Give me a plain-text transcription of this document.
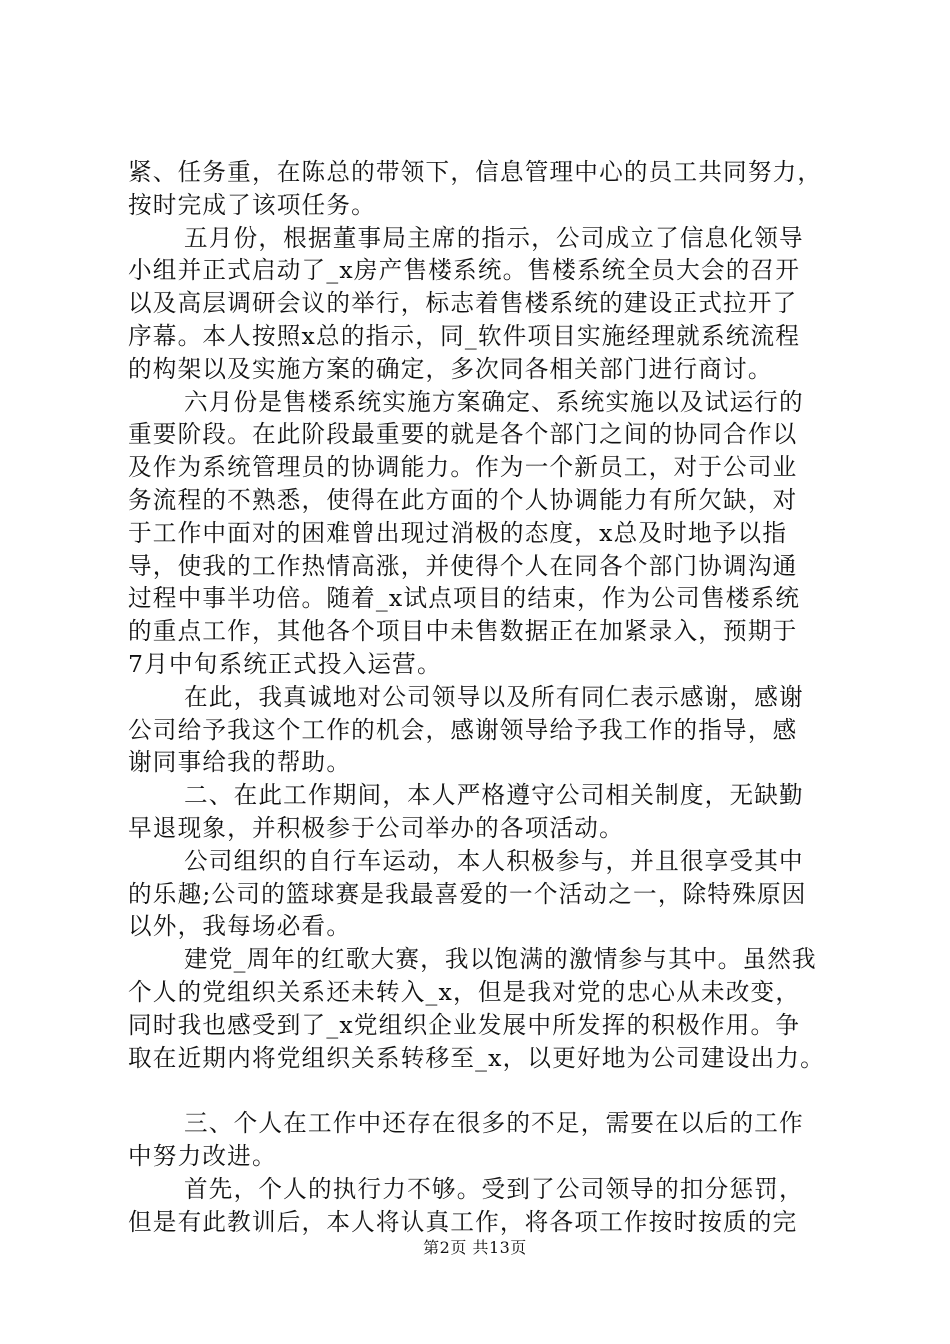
紧、任务重，在陈总的带领下，信息管理中心的员工共同努力，
按时完成了该项任务。
五月份，根据董事局主席的指示，公司成立了信息化领导
小组并正式启动了_x房产售楼系统。售楼系统全员大会的召开
以及高层调研会议的举行，标志着售楼系统的建设正式拉开了
序幕。本人按照x总的指示，同_软件项目实施经理就系统流程
的构架以及实施方案的确定，多次同各相关部门进行商讨。
六月份是售楼系统实施方案确定、系统实施以及试运行的
重要阶段。在此阶段最重要的就是各个部门之间的协同合作以
及作为系统管理员的协调能力。作为一个新员工，对于公司业
务流程的不熟悉，使得在此方面的个人协调能力有所欠缺，对
于工作中面对的困难曾出现过消极的态度，x总及时地予以指
导，使我的工作热情高涨，并使得个人在同各个部门协调沟通
过程中事半功倍。随着_x试点项目的结束，作为公司售楼系统
的重点工作，其他各个项目中未售数据正在加紧录入，预期于
7月中旬系统正式投入运营。
在此，我真诚地对公司领导以及所有同仁表示感谢，感谢
公司给予我这个工作的机会，感谢领导给予我工作的指导，感
谢同事给我的帮助。
二、在此工作期间，本人严格遵守公司相关制度，无缺勤
早退现象，并积极参于公司举办的各项活动。
公司组织的自行车运动，本人积极参与，并且很享受其中
的乐趣;公司的篮球赛是我最喜爱的一个活动之一，除特殊原因
以外，我每场必看。
建党_周年的红歌大赛，我以饱满的激情参与其中。虽然我
个人的党组织关系还未转入_x，但是我对党的忠心从未改变，
同时我也感受到了_x党组织企业发展中所发挥的积极作用。争
取在近期内将党组织关系转移至_x，以更好地为公司建设出力。
三、个人在工作中还存在很多的不足，需要在以后的工作
中努力改进。
首先，个人的执行力不够。受到了公司领导的扣分惩罚，
但是有此教训后，本人将认真工作，将各项工作按时按质的完
第2页 共13页
